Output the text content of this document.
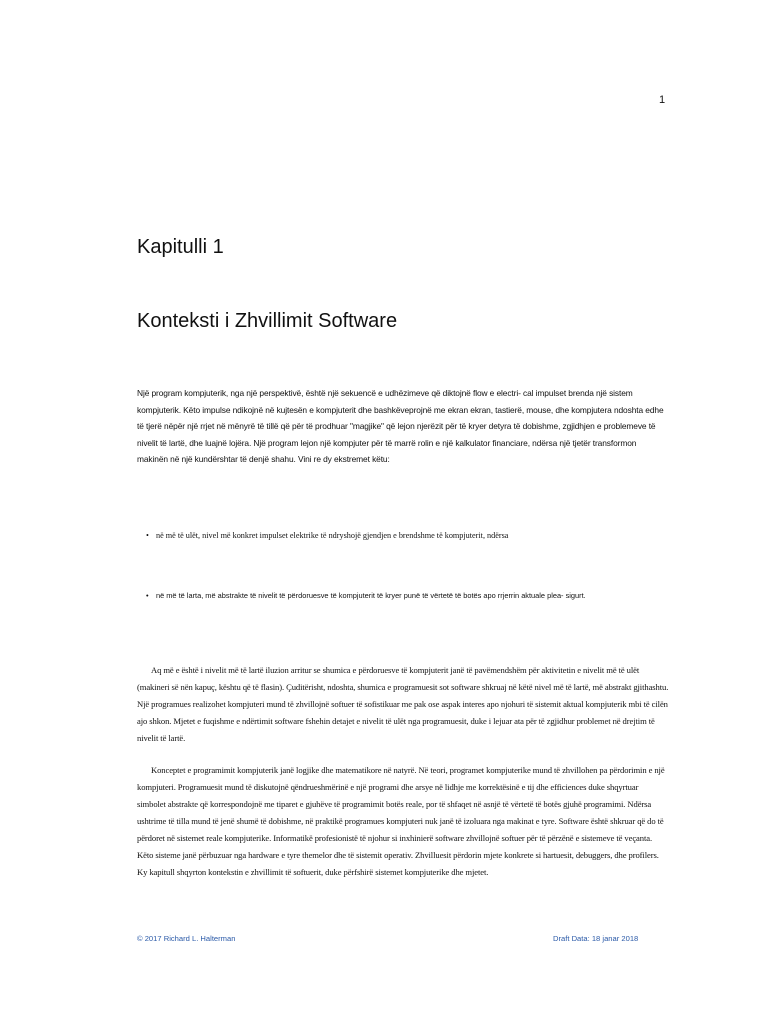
1
Kapitulli 1
Konteksti i Zhvillimit Software

Një program kompjuterik, nga një perspektivë, është një sekuencë e udhëzimeve që diktojnë flow e electri- cal impulset brenda një sistem kompjuterik. Këto impulse ndikojnë në kujtesën e kompjuterit dhe bashkëveprojnë me ekran ekran, tastierë, mouse, dhe kompjutera ndoshta edhe të tjerë nëpër një rrjet në mënyrë të tillë që për të prodhuar "magjike" që lejon njerëzit për të kryer detyra të dobishme, zgjidhjen e problemeve të nivelit të lartë, dhe luajnë lojëra. Një program lejon një kompjuter për të marrë rolin e një kalkulator financiare, ndërsa një tjetër transformon makinën në një kundërshtar të denjë shahu. Vini re dy ekstremet këtu:

• në më të ulët, nivel më konkret impulset elektrike të ndryshojë gjendjen e brendshme të kompjuterit, ndërsa

• në më të larta, më abstrakte të nivelit të përdoruesve të kompjuterit të kryer punë të vërtetë të botës apo rrjerrin aktuale plea- sigurt.

Aq më e është i nivelit më të lartë iluzion arritur se shumica e përdoruesve të kompjuterit janë të pavëmendshëm për aktivitetin e nivelit më të ulët (makineri së nën kapuç, kështu që të flasin). Çuditërisht, ndoshta, shumica e programuesit sot software shkruaj në këtë nivel më të lartë, më abstrakt gjithashtu. Një programues realizohet kompjuteri mund të zhvillojnë softuer të sofistikuar me pak ose aspak interes apo njohuri të sistemit aktual kompjuterik mbi të cilën ajo shkon. Mjetet e fuqishme e ndërtimit software fshehin detajet e nivelit të ulët nga programuesit, duke i lejuar ata për të zgjidhur problemet në drejtim të nivelit të lartë.

Konceptet e programimit kompjuterik janë logjike dhe matematikore në natyrë. Në teori, programet kompjuterike mund të zhvillohen pa përdorimin e një kompjuteri. Programuesit mund të diskutojnë qëndrueshmërinë e një programi dhe arsye në lidhje me korrektësinë e tij dhe efficiences duke shqyrtuar simbolet abstrakte që korrespondojnë me tiparet e gjuhëve të programimit botës reale, por të shfaqet në asnjë të vërtetë të botës gjuhë programimi. Ndërsa ushtrime të tilla mund të jenë shumë të dobishme, në praktikë programues kompjuteri nuk janë të izoluara nga makinat e tyre. Software është shkruar që do të përdoret në sistemet reale kompjuterike. Informatikë profesionistë të njohur si inxhinierë software zhvillojnë softuer për të përzënë e sistemeve të veçanta. Këto sisteme janë përbuzuar nga hardware e tyre themelor dhe të sistemit operativ. Zhvilluesit përdorin mjete konkrete si hartuesit, debuggers, dhe profilers. Ky kapitull shqyrton kontekstin e zhvillimit të softuerit, duke përfshirë sistemet kompjuterike dhe mjetet.

© 2017 Richard L. Halterman	Draft Data: 18 janar 2018
